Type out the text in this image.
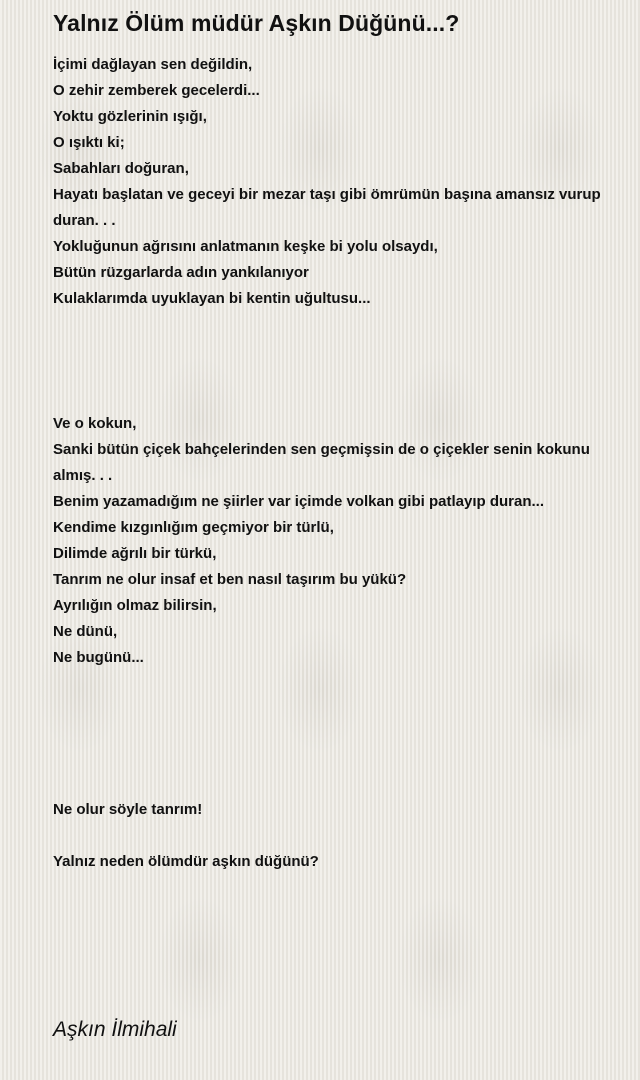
Yalnız Ölüm müdür Aşkın Düğünü...?
İçimi dağlayan sen değildin,
O zehir zemberek gecelerdi...
Yoktu gözlerinin ışığı,
O ışıktı ki;
Sabahları doğuran,
Hayatı başlatan ve geceyi bir mezar taşı gibi ömrümün başına amansız vurup duran. . .
Yokluğunun ağrısını anlatmanın keşke bi yolu olsaydı,
Bütün rüzgarlarda adın yankılanıyor
Kulaklarımda uyuklayan bi kentin uğultusu...
Ve o kokun,
Sanki bütün çiçek bahçelerinden sen geçmişsin de o çiçekler senin kokunu almış. . .
Benim yazamadığım ne şiirler var içimde volkan gibi patlayıp duran...
Kendime kızgınlığım geçmiyor bir türlü,
Dilimde ağrılı bir türkü,
Tanrım ne olur insaf et ben nasıl taşırım bu yükü?
Ayrılığın olmaz bilirsin,
Ne dünü,
Ne bugünü...
Ne olur söyle tanrım!
Yalnız neden ölümdür aşkın düğünü?
Aşkın İlmihali
